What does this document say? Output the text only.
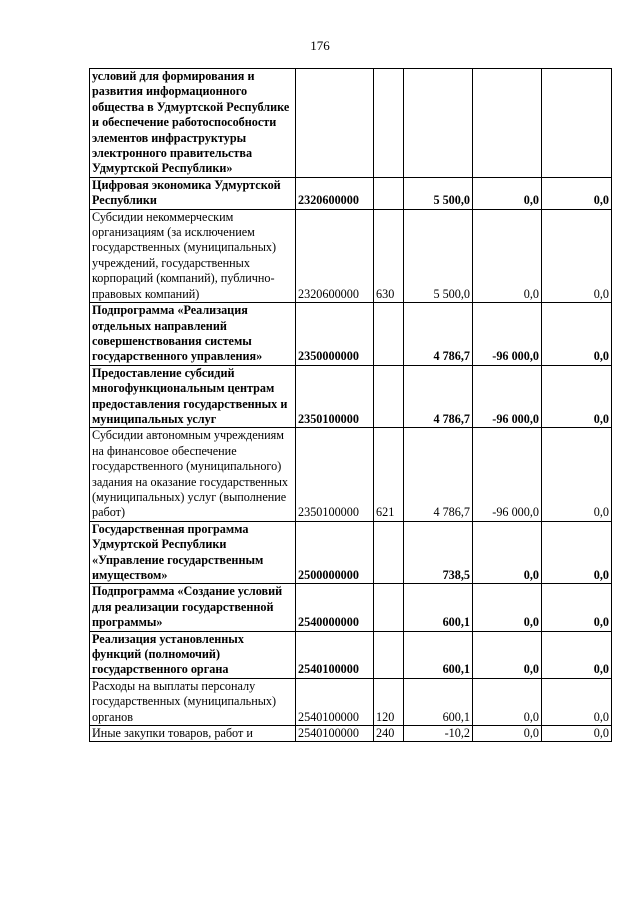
176
условий для формирования и развития информационного общества в Удмуртской Республике и обеспечение работоспособности элементов инфраструктуры электронного правительства Удмуртской Республики»					
Цифровая экономика Удмуртской Республики	2320600000		5 500,0	0,0	0,0
Субсидии некоммерческим организациям (за исключением государственных (муниципальных) учреждений, государственных корпораций (компаний), публично-правовых компаний)	2320600000	630	5 500,0	0,0	0,0
Подпрограмма «Реализация отдельных направлений совершенствования системы государственного управления»	2350000000		4 786,7	-96 000,0	0,0
Предоставление субсидий многофункциональным центрам предоставления государственных и муниципальных услуг	2350100000		4 786,7	-96 000,0	0,0
Субсидии автономным учреждениям на финансовое обеспечение государственного (муниципального) задания на оказание государственных (муниципальных) услуг (выполнение работ)	2350100000	621	4 786,7	-96 000,0	0,0
Государственная программа Удмуртской Республики «Управление государственным имуществом»	2500000000		738,5	0,0	0,0
Подпрограмма «Создание условий для реализации государственной программы»	2540000000		600,1	0,0	0,0
Реализация установленных функций (полномочий) государственного органа	2540100000		600,1	0,0	0,0
Расходы на выплаты персоналу государственных (муниципальных) органов	2540100000	120	600,1	0,0	0,0
Иные закупки товаров, работ и	2540100000	240	-10,2	0,0	0,0
